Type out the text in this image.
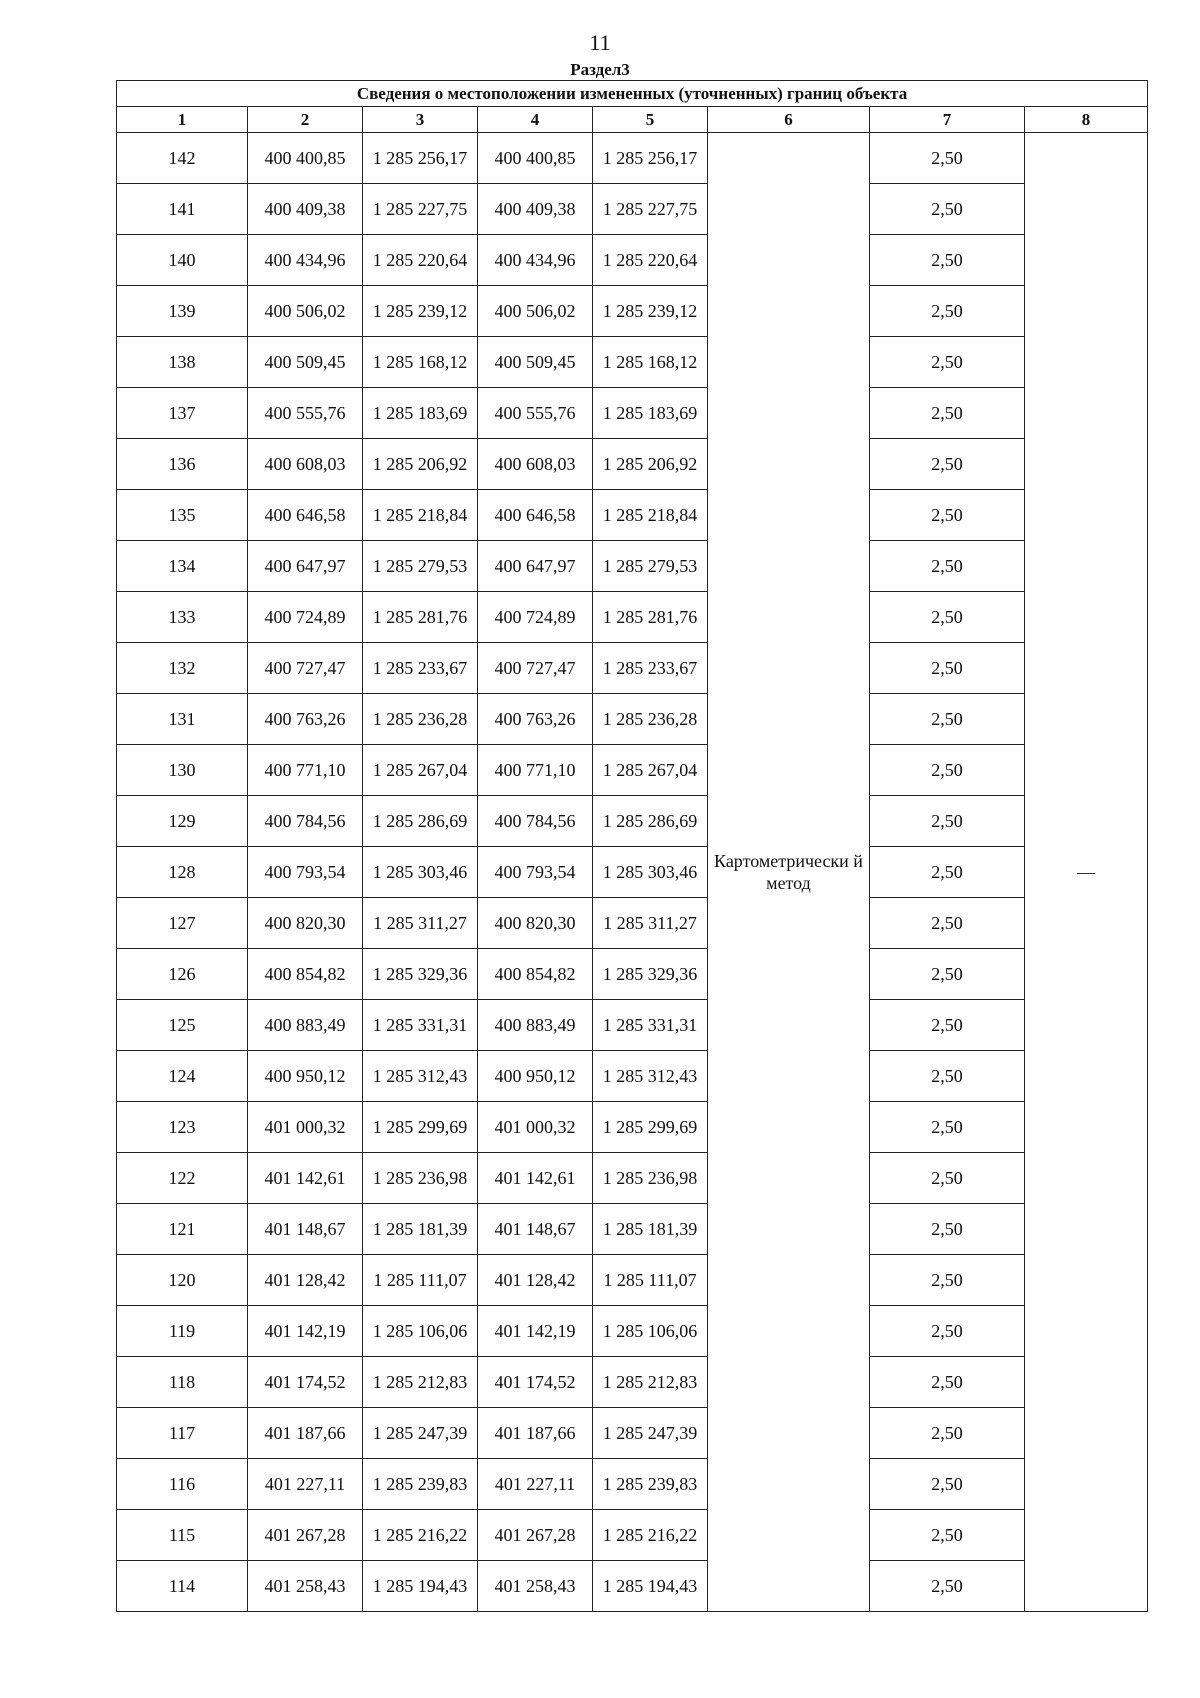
11
Раздел3
Сведения о местоположении измененных (уточненных) границ объекта							
1	2	3	4	5	6	7	8
142	400 400,85	1 285 256,17	400 400,85	1 285 256,17	Картометрически й метод	2,50	—
141	400 409,38	1 285 227,75	400 409,38	1 285 227,75		2,50	
140	400 434,96	1 285 220,64	400 434,96	1 285 220,64		2,50	
139	400 506,02	1 285 239,12	400 506,02	1 285 239,12		2,50	
138	400 509,45	1 285 168,12	400 509,45	1 285 168,12		2,50	
137	400 555,76	1 285 183,69	400 555,76	1 285 183,69		2,50	
136	400 608,03	1 285 206,92	400 608,03	1 285 206,92		2,50	
135	400 646,58	1 285 218,84	400 646,58	1 285 218,84		2,50	
134	400 647,97	1 285 279,53	400 647,97	1 285 279,53		2,50	
133	400 724,89	1 285 281,76	400 724,89	1 285 281,76		2,50	
132	400 727,47	1 285 233,67	400 727,47	1 285 233,67		2,50	
131	400 763,26	1 285 236,28	400 763,26	1 285 236,28		2,50	
130	400 771,10	1 285 267,04	400 771,10	1 285 267,04		2,50	
129	400 784,56	1 285 286,69	400 784,56	1 285 286,69		2,50	
128	400 793,54	1 285 303,46	400 793,54	1 285 303,46		2,50	
127	400 820,30	1 285 311,27	400 820,30	1 285 311,27		2,50	
126	400 854,82	1 285 329,36	400 854,82	1 285 329,36		2,50	
125	400 883,49	1 285 331,31	400 883,49	1 285 331,31		2,50	
124	400 950,12	1 285 312,43	400 950,12	1 285 312,43		2,50	
123	401 000,32	1 285 299,69	401 000,32	1 285 299,69		2,50	
122	401 142,61	1 285 236,98	401 142,61	1 285 236,98		2,50	
121	401 148,67	1 285 181,39	401 148,67	1 285 181,39		2,50	
120	401 128,42	1 285 111,07	401 128,42	1 285 111,07		2,50	
119	401 142,19	1 285 106,06	401 142,19	1 285 106,06		2,50	
118	401 174,52	1 285 212,83	401 174,52	1 285 212,83		2,50	
117	401 187,66	1 285 247,39	401 187,66	1 285 247,39		2,50	
116	401 227,11	1 285 239,83	401 227,11	1 285 239,83		2,50	
115	401 267,28	1 285 216,22	401 267,28	1 285 216,22		2,50	
114	401 258,43	1 285 194,43	401 258,43	1 285 194,43		2,50	
